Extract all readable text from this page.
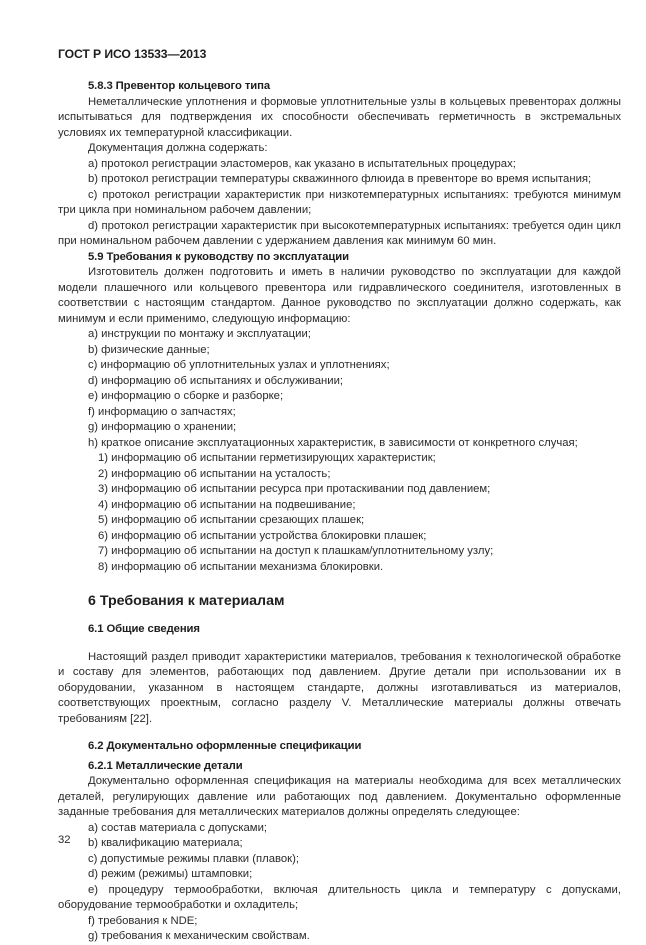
ГОСТ Р ИСО 13533—2013
5.8.3 Превентор кольцевого типа

Неметаллические уплотнения и формовые уплотнительные узлы в кольцевых превенторах должны испытываться для подтверждения их способности обеспечивать герметичность в экстремальных условиях их температурной классификации.

Документация должна содержать:

a) протокол регистрации эластомеров, как указано в испытательных процедурах;

b) протокол регистрации температуры скважинного флюида в превенторе во время испытания;

c) протокол регистрации характеристик при низкотемпературных испытаниях: требуются минимум три цикла при номинальном рабочем давлении;

d) протокол регистрации характеристик при высокотемпературных испытаниях: требуется один цикл при номинальном рабочем давлении с удержанием давления как минимум 60 мин.

5.9 Требования к руководству по эксплуатации

Изготовитель должен подготовить и иметь в наличии руководство по эксплуатации для каждой модели плашечного или кольцевого превентора или гидравлического соединителя, изготовленных в соответствии с настоящим стандартом. Данное руководство по эксплуатации должно содержать, как минимум и если применимо, следующую информацию:

a) инструкции по монтажу и эксплуатации;

b) физические данные;

c) информацию об уплотнительных узлах и уплотнениях;

d) информацию об испытаниях и обслуживании;

e) информацию о сборке и разборке;

f) информацию о запчастях;

g) информацию о хранении;

h) краткое описание эксплуатационных характеристик, в зависимости от конкретного случая;

1) информацию об испытании герметизирующих характеристик;

2) информацию об испытании на усталость;

3) информацию об испытании ресурса при протаскивании под давлением;

4) информацию об испытании на подвешивание;

5) информацию об испытании срезающих плашек;

6) информацию об испытании устройства блокировки плашек;

7) информацию об испытании на доступ к плашкам/уплотнительному узлу;

8) информацию об испытании механизма блокировки.

6 Требования к материалам
6.1 Общие сведения

Настоящий раздел приводит характеристики материалов, требования к технологической обработке и составу для элементов, работающих под давлением. Другие детали при использовании их в оборудовании, указанном в настоящем стандарте, должны изготавливаться из материалов, соответствующих проектным, согласно разделу V. Металлические материалы должны отвечать требованиям [22].

6.2 Документально оформленные спецификации
6.2.1 Металлические детали

Документально оформленная спецификация на материалы необходима для всех металлических деталей, регулирующих давление или работающих под давлением. Документально оформленные заданные требования для металлических материалов должны определять следующее:

a) состав материала с допусками;

b) квалификацию материала;

c) допустимые режимы плавки (плавок);

d) режим (режимы) штамповки;

e) процедуру термообработки, включая длительность цикла и температуру с допусками, оборудование термообработки и охладитель;

f) требования к NDE;

g) требования к механическим свойствам.

32
